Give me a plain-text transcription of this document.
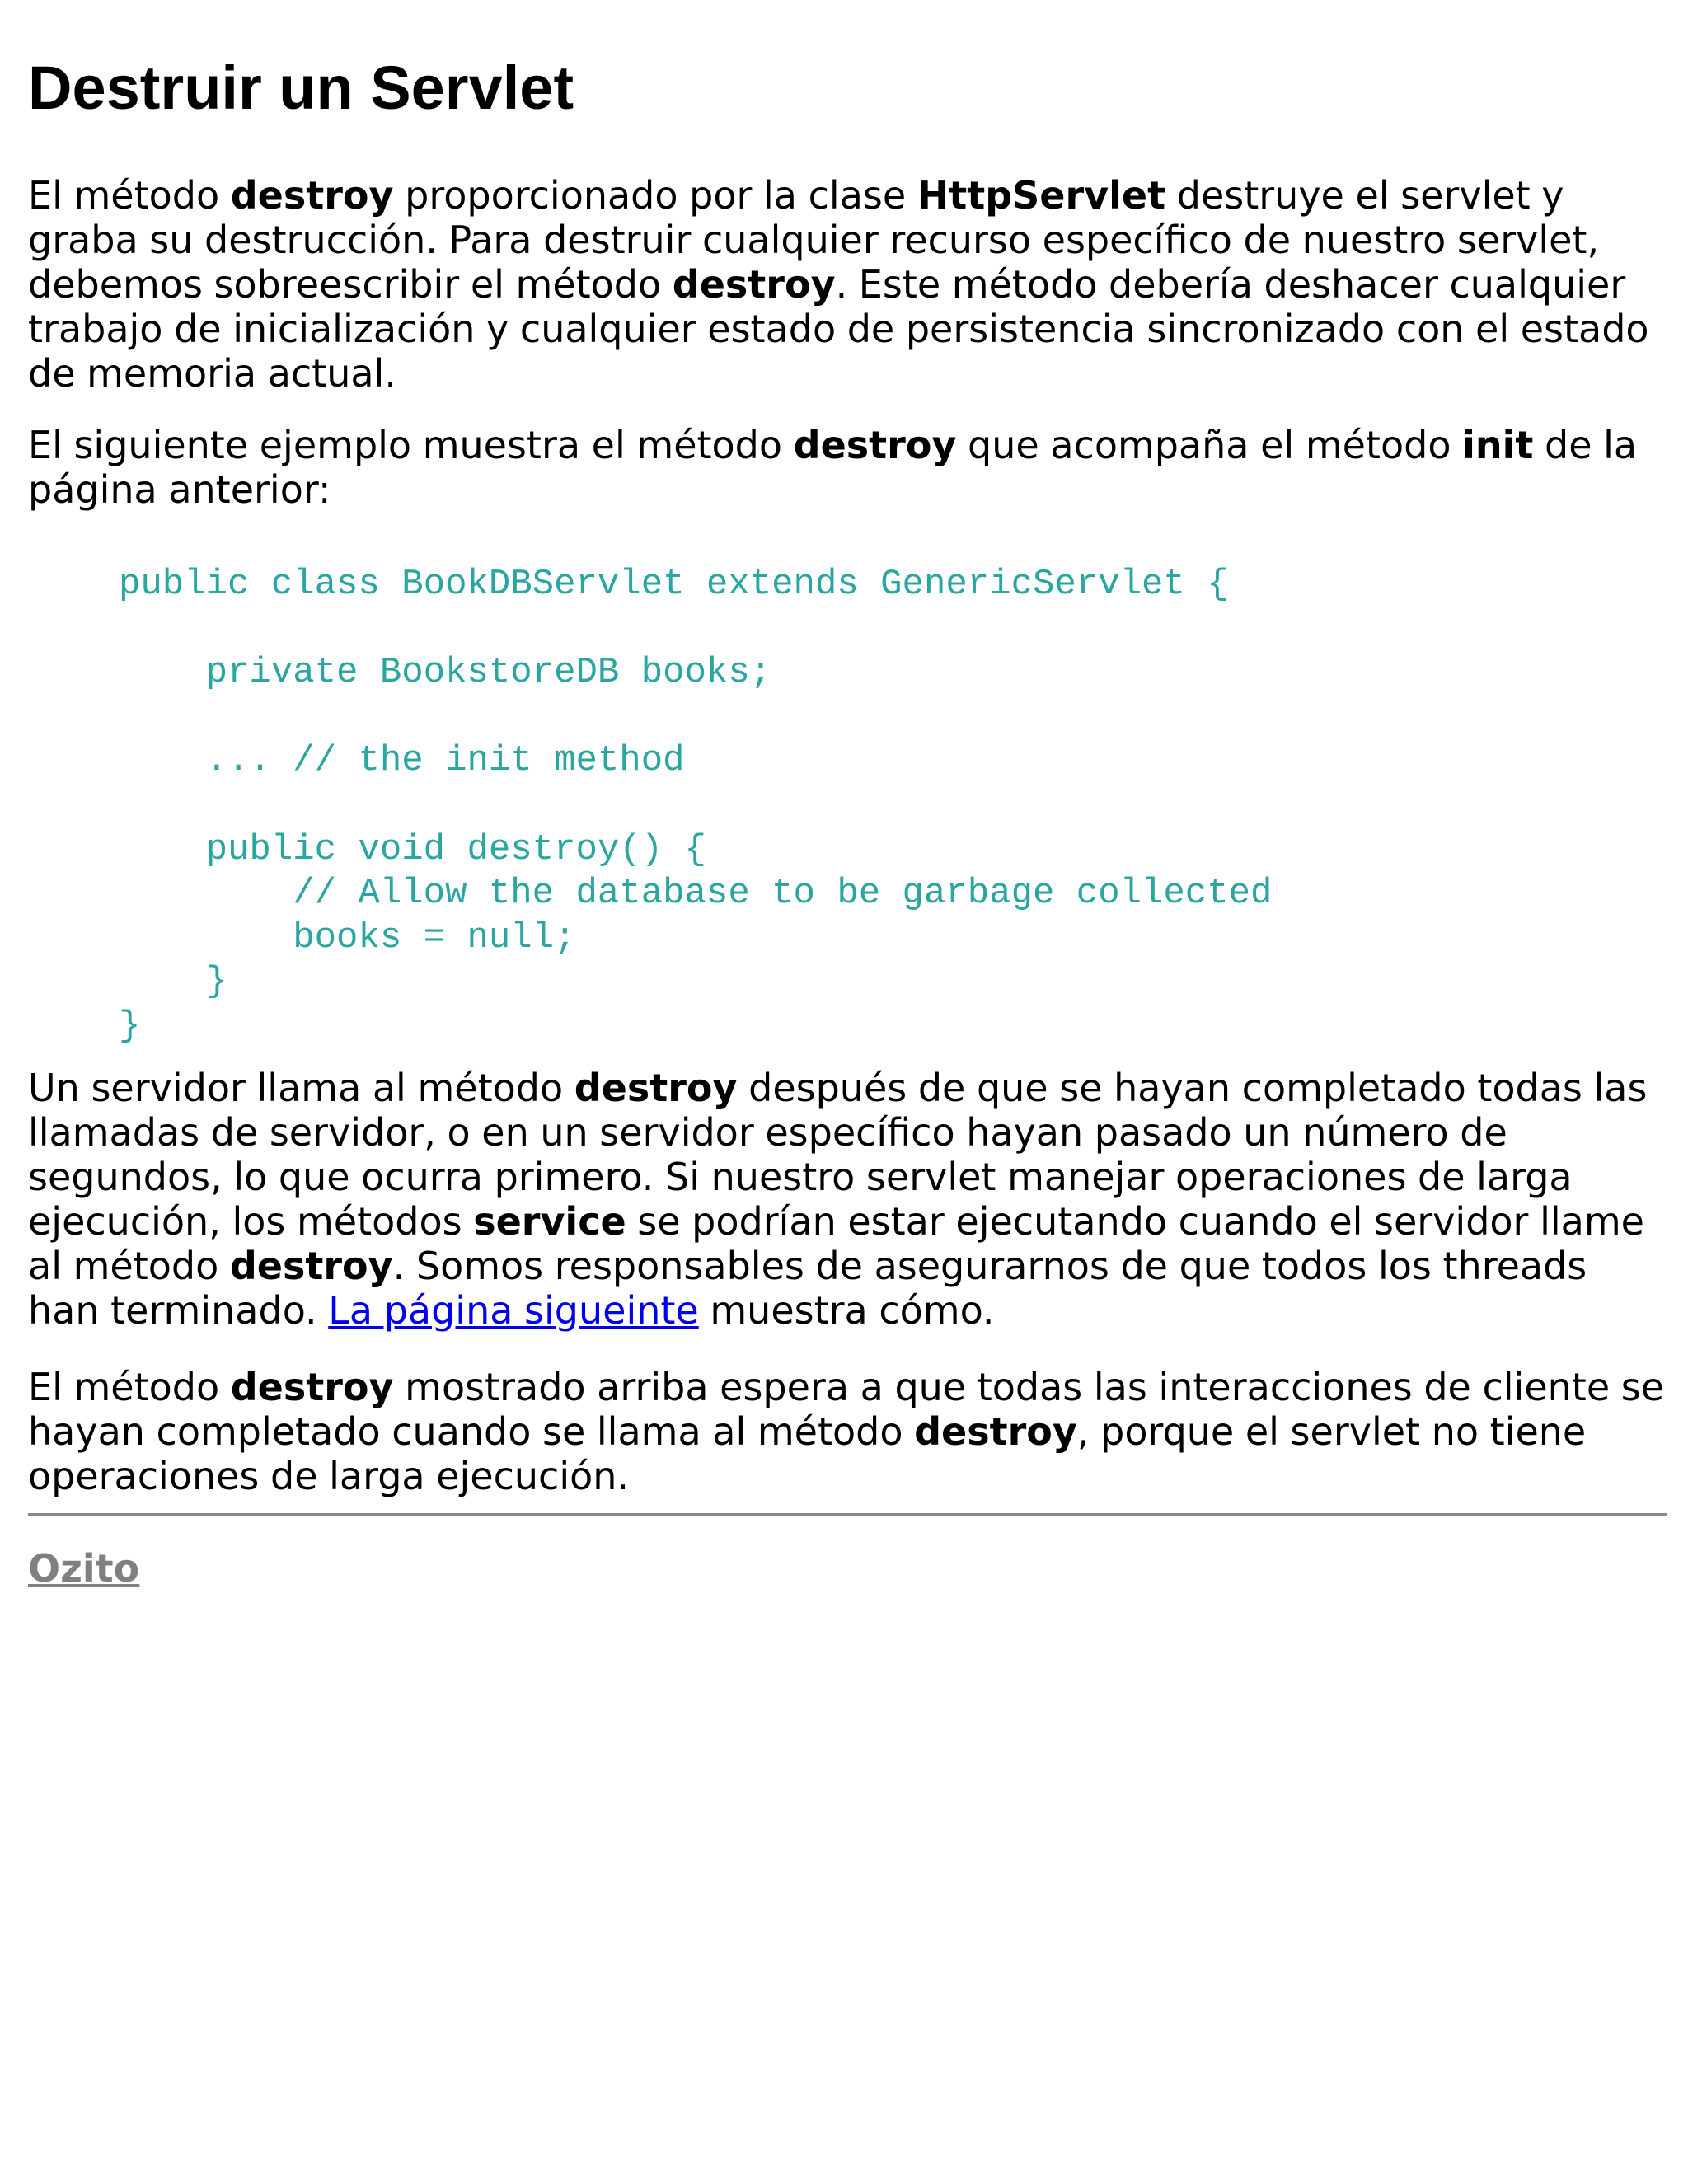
Destruir un Servlet

El método destroy proporcionado por la clase HttpServlet destruye el servlet y graba su destrucción. Para destruir cualquier recurso específico de nuestro servlet, debemos sobreescribir el método destroy. Este método debería deshacer cualquier trabajo de inicialización y cualquier estado de persistencia sincronizado con el estado de memoria actual.

El siguiente ejemplo muestra el método destroy que acompaña el método init de la página anterior:

public class BookDBServlet extends GenericServlet {

private BookstoreDB books;

... // the init method

public void destroy() {
// Allow the database to be garbage collected
books = null;
}
}

Un servidor llama al método destroy después de que se hayan completado todas las llamadas de servidor, o en un servidor específico hayan pasado un número de segundos, lo que ocurra primero. Si nuestro servlet manejar operaciones de larga ejecución, los métodos service se podrían estar ejecutando cuando el servidor llame al método destroy. Somos responsables de asegurarnos de que todos los threads han terminado. La página sigueinte muestra cómo.

El método destroy mostrado arriba espera a que todas las interacciones de cliente se hayan completado cuando se llama al método destroy, porque el servlet no tiene operaciones de larga ejecución.

Ozito
